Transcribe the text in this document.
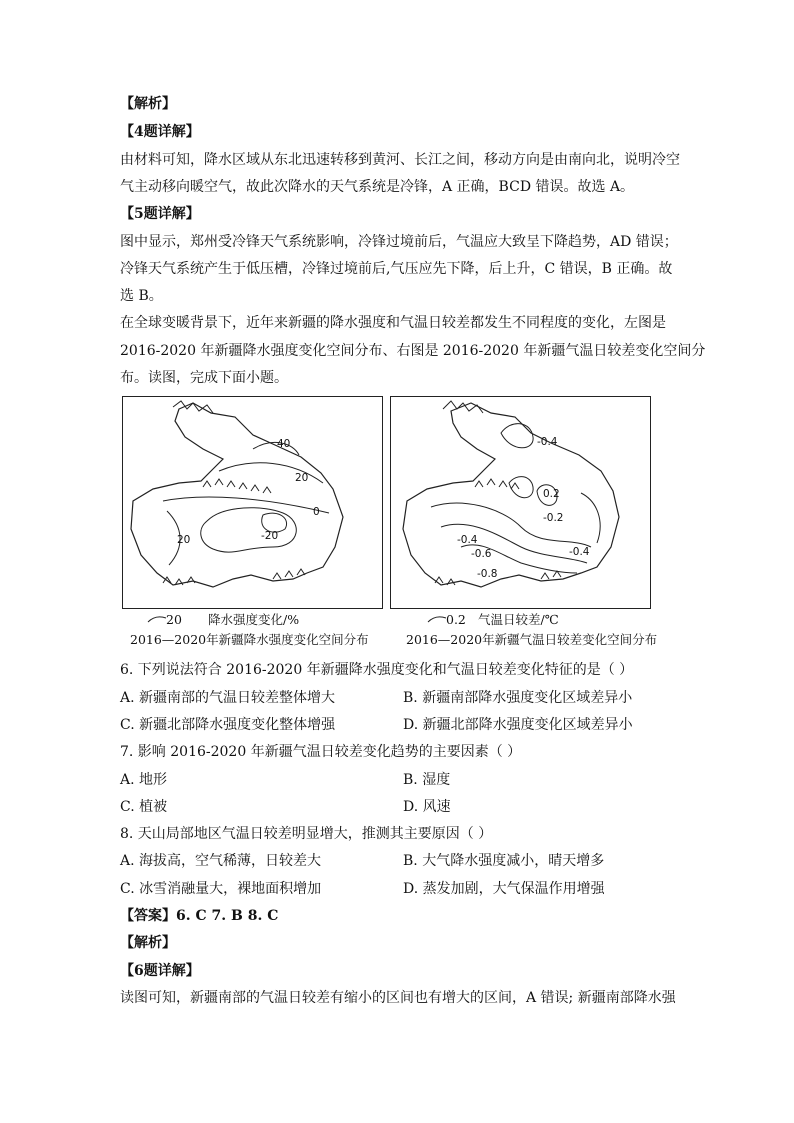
【解析】
【4题详解】
由材料可知，降水区域从东北迅速转移到黄河、长江之间，移动方向是由南向北，说明冷空
气主动移向暖空气，故此次降水的天气系统是冷锋，A 正确，BCD 错误。故选 A。
【5题详解】
图中显示，郑州受冷锋天气系统影响，冷锋过境前后，气温应大致呈下降趋势，AD 错误；
冷锋天气系统产生于低压槽，冷锋过境前后,气压应先下降，后上升，C 错误，B 正确。故
选 B。
在全球变暖背景下，近年来新疆的降水强度和气温日较差都发生不同程度的变化，左图是
2016-2020 年新疆降水强度变化空间分布、右图是 2016-2020 年新疆气温日较差变化空间分
布。读图，完成下面小题。
40
20
0
-20
20
-0.4
0.2
-0.2
-0.4
-0.6
-0.8
-0.4
20 降水强度变化/%
2016—2020年新疆降水强度变化空间分布
0.2 气温日较差/℃
2016—2020年新疆气温日较差变化空间分布
6. 下列说法符合 2016-2020 年新疆降水强度变化和气温日较差变化特征的是（ ）
A. 新疆南部的气温日较差整体增大	B. 新疆南部降水强度变化区域差异小
C. 新疆北部降水强度变化整体增强	D. 新疆北部降水强度变化区域差异小
7. 影响 2016-2020 年新疆气温日较差变化趋势的主要因素（ ）
A. 地形	B. 湿度
C. 植被	D. 风速
8. 天山局部地区气温日较差明显增大，推测其主要原因（ ）
A. 海拔高，空气稀薄，日较差大	B. 大气降水强度减小，晴天增多
C. 冰雪消融量大，裸地面积增加	D. 蒸发加剧，大气保温作用增强
【答案】6. C 7. B 8. C
【解析】
【6题详解】
读图可知，新疆南部的气温日较差有缩小的区间也有增大的区间，A 错误; 新疆南部降水强
